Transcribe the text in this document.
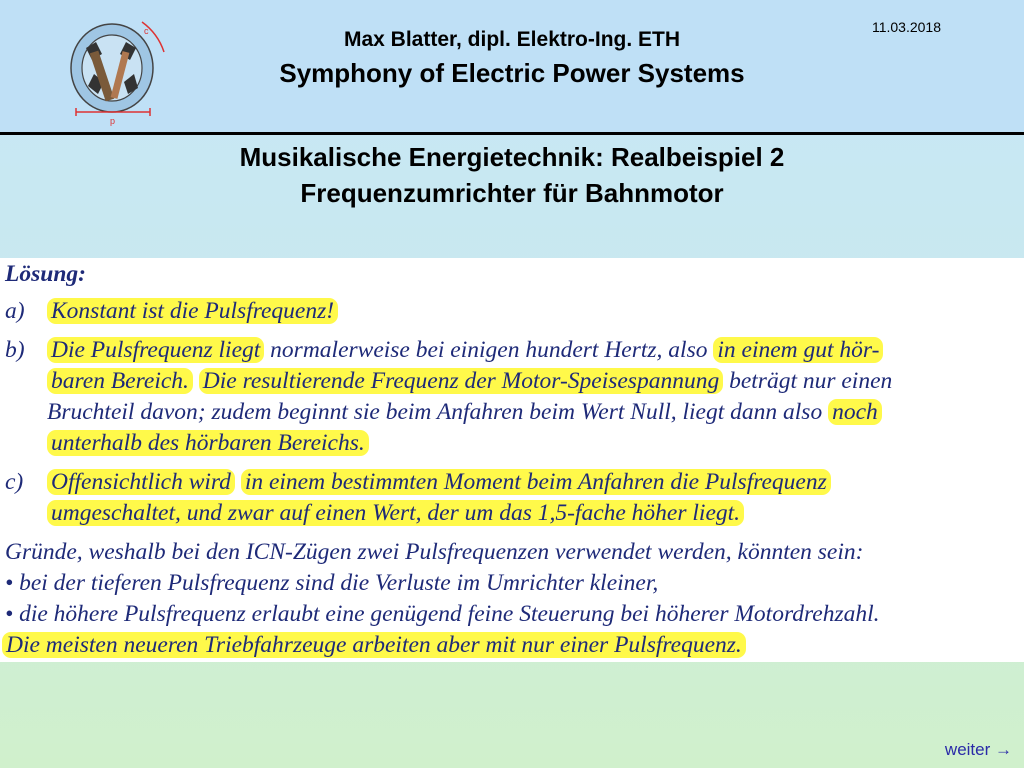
c
p
Max Blatter, dipl. Elektro-Ing. ETH
Symphony of Electric Power Systems
11.03.2018
Musikalische Energietechnik: Realbeispiel 2
Frequenzumrichter für Bahnmotor
Lösung:
a) Konstant ist die Pulsfrequenz!
b) Die Pulsfrequenz liegt normalerweise bei einigen hundert Hertz, also in einem gut hör-
baren Bereich. Die resultierende Frequenz der Motor-Speisespannung beträgt nur einen
Bruchteil davon; zudem beginnt sie beim Anfahren beim Wert Null, liegt dann also noch
unterhalb des hörbaren Bereichs.
c) Offensichtlich wird in einem bestimmten Moment beim Anfahren die Pulsfrequenz
umgeschaltet, und zwar auf einen Wert, der um das 1,5-fache höher liegt.
Gründe, weshalb bei den ICN-Zügen zwei Pulsfrequenzen verwendet werden, könnten sein:
• bei der tieferen Pulsfrequenz sind die Verluste im Umrichter kleiner,
• die höhere Pulsfrequenz erlaubt eine genügend feine Steuerung bei höherer Motordrehzahl.
Die meisten neueren Triebfahrzeuge arbeiten aber mit nur einer Pulsfrequenz.
weiter →
